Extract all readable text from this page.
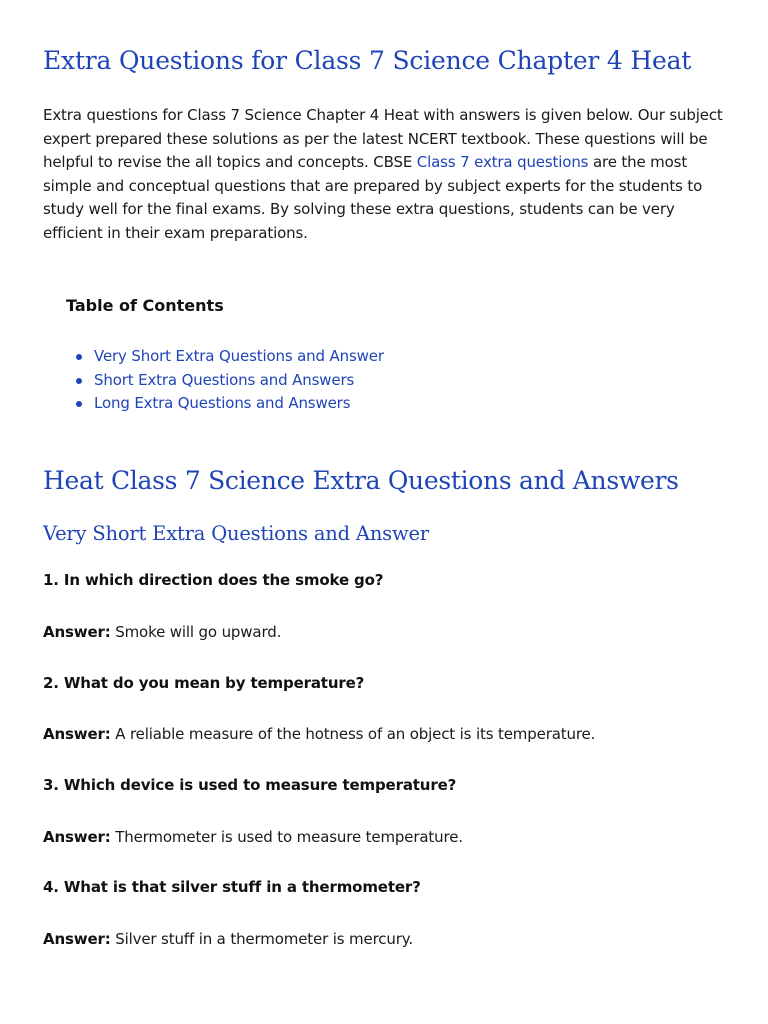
Extra Questions for Class 7 Science Chapter 4 Heat

Extra questions for Class 7 Science Chapter 4 Heat with answers is given below. Our subject expert prepared these solutions as per the latest NCERT textbook. These questions will be helpful to revise the all topics and concepts. CBSE Class 7 extra questions are the most simple and conceptual questions that are prepared by subject experts for the students to study well for the final exams. By solving these extra questions, students can be very efficient in their exam preparations.

Table of Contents
Very Short Extra Questions and Answer
Short Extra Questions and Answers
Long Extra Questions and Answers
Heat Class 7 Science Extra Questions and Answers
Very Short Extra Questions and Answer

1. In which direction does the smoke go?

Answer: Smoke will go upward.

2. What do you mean by temperature?

Answer: A reliable measure of the hotness of an object is its temperature.

3. Which device is used to measure temperature?

Answer: Thermometer is used to measure temperature.

4. What is that silver stuff in a thermometer?

Answer: Silver stuff in a thermometer is mercury.
